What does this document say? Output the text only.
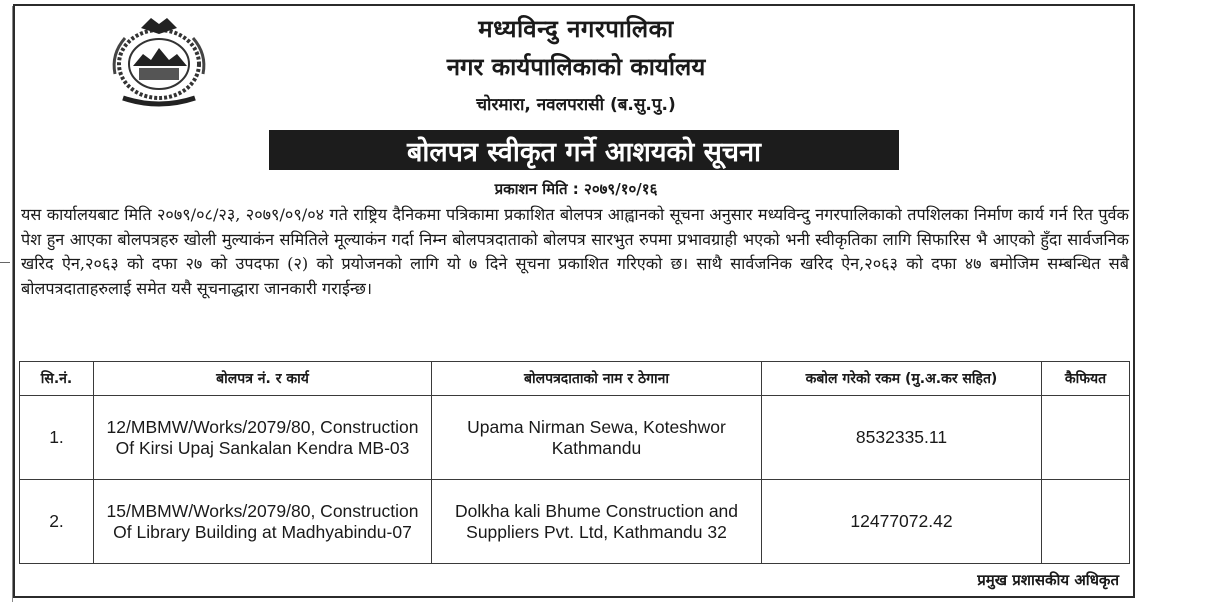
मध्यविन्दु नगरपालिका
नगर कार्यपालिकाको कार्यालय
चोरमारा, नवलपरासी (ब.सु.पु.)
बोलपत्र स्वीकृत गर्ने आशयको सूचना
प्रकाशन मिति : २०७९/१०/१६

यस कार्यालयबाट मिति २०७९/०८/२३, २०७९/०९/०४ गते राष्ट्रिय दैनिकमा पत्रिकामा प्रकाशित बोलपत्र आह्वानको सूचना अनुसार मध्यविन्दु नगरपालिकाको तपशिलका निर्माण कार्य गर्न रित पुर्वक पेश हुन आएका बोलपत्रहरु खोली मुल्याकंन समितिले मूल्याकंन गर्दा निम्न बोलपत्रदाताको बोलपत्र सारभुत रुपमा प्रभावग्राही भएको भनी स्वीकृतिका लागि सिफारिस भै आएको हुँदा सार्वजनिक खरिद ऐन,२०६३ को दफा २७ को उपदफा (२) को प्रयोजनको लागि यो ७ दिने सूचना प्रकाशित गरिएको छ। साथै सार्वजनिक खरिद ऐन,२०६३ को दफा ४७ बमोजिम सम्बन्धित सबै बोलपत्रदाताहरुलाई समेत यसै सूचनाद्धारा जानकारी गराईन्छ।

सि.नं.	बोलपत्र नं. र कार्य	बोलपत्रदाताको नाम र ठेगाना	कबोल गरेको रकम (मु.अ.कर सहित)	कैफियत
1.	12/MBMW/Works/2079/80, Construction Of Kirsi Upaj Sankalan Kendra MB-03	Upama Nirman Sewa, Koteshwor Kathmandu	8532335.11	
2.	15/MBMW/Works/2079/80, Construction Of Library Building at Madhyabindu-07	Dolkha kali Bhume Construction and Suppliers Pvt. Ltd, Kathmandu 32	12477072.42	
प्रमुख प्रशासकीय अधिकृत
